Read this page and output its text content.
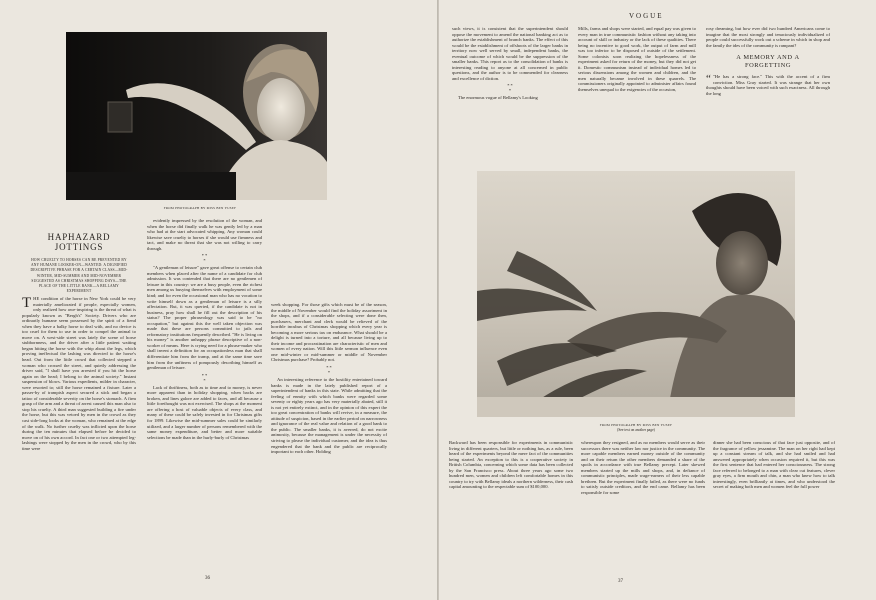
FROM PHOTOGRAPH BY MISS BEN YUSEF
HAPHAZARD JOTTINGS
HOW CRUELTY TO HORSES CAN BE PREVENTED BY ANY HUMANE LOOKER-ON—WANTED: A DIGNIFIED DESCRIPTIVE PHRASE FOR A CERTAIN CLASS—MID-WINTER, MID-SUMMER AND MID-NOVEMBER SUGGESTED AS CHRISTMAS SHOPPING DAYS—THE PLACE OF THE LITTLE BANK—A BELLAMY EXPERIMENT

THE condition of the horse in New York could be very materially ameliorated if people, especially women, only realized how awe-inspiring is the threat of what is popularly known as "Bergh's" Society. Drivers who are ordinarily humane seem possessed by the spirit of a fiend when they have a balky horse to deal with, and no device is too cruel for them to use in order to compel the animal to move on. A west-side street was lately the scene of horse stubbornness, and the driver after a little patient waiting began hitting the horse with the whip about the legs, which proving ineffectual the lashing was directed to the horse's head. Out from the little crowd that collected stepped a woman who crossed the street, and quietly addressing the driver said, "I shall have you arrested if you hit the horse again on the head; I belong to the animal society." Instant suspension of blows. Various expedients, milder in character, were resorted to; still the horse remained a fixture. Later a passer-by of trampish aspect secured a stick and began a tattoo of considerable severity on the horse's stomach. A firm grasp of the arm and a threat of arrest caused this man also to stop his cruelty. A third man suggested building a fire under the horse, but this was vetoed by men in the crowd as they cast side-long looks at the woman, who remained at the edge of the walk. No further cruelty was inflicted upon the horse during the ten minutes that elapsed before he decided to move on of his own accord. In fact one or two attempted leg-lashings were stopped by the men in the crowd, who by this time were

evidently impressed by the resolution of the woman, and when the horse did finally walk he was gently led by a man who had at the start advocated whipping. Any woman could likewise save cruelty to horses if she would use firmness and tact, and make no threat that she was not willing to carry through.

* *
*

"A gentleman of leisure" gave great offense to certain club members when placed after the name of a candidate for club admission. It was contended that there are no gentlemen of leisure in this country: we are a busy people, even the richest men among us busying themselves with employment of some kind; and for even the occasional man who has no vocation to write himself down as a gentleman of leisure is a silly affectation. But, it was queried, if the candidate is not in business, pray how shall he fill out the description of his status? The proper phraseology was said to be "no occupation," but against this the well taken objection was made that these are persons committed to jails and reformatory institutions frequently described. "He is living on his money" is another unhappy phrase descriptive of a non-worker of means. Here is crying need for a phrase-maker who shall invent a definition for an occupationless man that shall differentiate him from the tramp, and at the same time save him from the unfitness of pompously describing himself as gentleman of leisure.

* *
*

Lack of thriftiness, both as to time and to money, is never more apparent than in holiday shopping, when backs are broken, and lines galore are added to faces, and all because a little forethought was not exercised. The shops at the moment are offering a host of valuable objects of every class, and many of these could be safely invested in for Christmas gifts for 1899. Likewise the mid-summer sales could be similarly utilized, and a larger number of persons remembered with the same money expenditure, and better and more suitable selections be made than in the hurly-burly of Christmas

week shopping. For those gifts which must be of the season, the middle of November would find the holiday assortment in the shops, and if a considerable selecting were done then, purchasers, merchant and clerk would be relieved of the horrible incubus of Christmas shopping which every year is becoming a more serious tax on endurance. What should be a delight is turned into a torture, and all because living up to their income and procrastination are characteristic of men and women of every nation. Will this little sermon influence even one mid-winter or mid-summer or middle of November Christmas purchase? Probably not.

* *
*

An interesting reference to the hostility entertained toward banks is made in the lately published report of a superintendent of banks in this state. While admitting that the feeling of enmity with which banks were regarded some seventy or eighty years ago has very materially abated, still it is not yet entirely extinct, and in the opinion of this expert the too great concentration of banks will revive, in a measure, the attitude of suspicion, based in the earlier period on narrowness and ignorance of the real value and relation of a good bank to the public. The smaller banks, it is averred, do not excite animosity, because the management is under the necessity of striving to please the individual customer, and the idea is thus engendered that the bank and the public are reciprocally important to each other. Holding

36
VOGUE

such views, it is consistent that the superintendent should oppose the movement to amend the national banking act as to authorize the establishment of branch banks. The effect of this would be the establishment of offshoots of the larger banks in territory now well served by small, independent banks, the eventual outcome of which would be the suppression of the smaller banks. This report as to the consolidation of banks is interesting reading to anyone at all concerned in public questions, and the author is to be commended for clearness and excellence of diction.

* *
*

The enormous vogue of Bellamy's Looking

Mills, farms and shops were started, and equal pay was given to every man in true communistic fashion without any taking into account of skill or industry or the lack of these qualities. There being no incentive to good work, the output of farm and mill was too inferior to be disposed of outside of the settlement. Some colonists soon realizing the hopelessness of the experiment asked for return of the money, but they did not get it. Domestic communism instead of individual homes led to serious dissensions among the women and children, and the men naturally became involved in these quarrels. The commissioners originally appointed to administer affairs found themselves unequal to the exigencies of the occasion,

rosy dreaming, but how ever did two hundred Americans come to imagine that the most strongly and tenaciously individualized of people could successfully work out a scheme in which in shop and the family the ides of the community is rampant?

A MEMORY AND A FORGETTING

“ "He has a strong face." This with the accent of a firm conviction. Miss Gray started. It was strange that her own thoughts should have been voiced with such exactness. All through the long

FROM PHOTOGRAPH BY MISS BEN YUSEF
(See text on another page)

Backward has been responsible for experiments in communistic living in different quarters, but little or nothing has, as a rule, been heard of the experiments beyond the mere fact of the communities being started. An exception to this is a cooperative society in British Columbia, concerning which some data has been collected by the San Francisco press. About three years ago some two hundred men, women and children left comfortable homes in this country to try with Bellamy ideals a northern wilderness, their cash capital amounting to the respectable sum of $100,000.

whereupon they resigned, and as no members would serve as their successors there was neither law nor justice in the community. The more capable members earned money outside of the community and on their return the other members demanded a share of the spoils in accordance with true Bellamy precept. Later skewed members started up the mills and shops, and, in defiance of communistic principles, made wage-earners of their less capable brethren. But the experiment finally failed, as there were no funds to satisfy outside creditors, and the end came. Bellamy has been responsible for some

dinner she had been conscious of that face just opposite, and of the fragrance of yellow jessamine. The man on her right had kept up a constant stream of talk, and she had smiled and had answered appropriately when occasion required it, but this was the first sentence that had entered her consciousness. The strong face referred to belonged to a man with clear cut features, clever gray eyes, a firm mouth and chin, a man who knew how to talk interestingly, even brilliantly at times, and who understood the secret of making both men and women feel the full power

37
